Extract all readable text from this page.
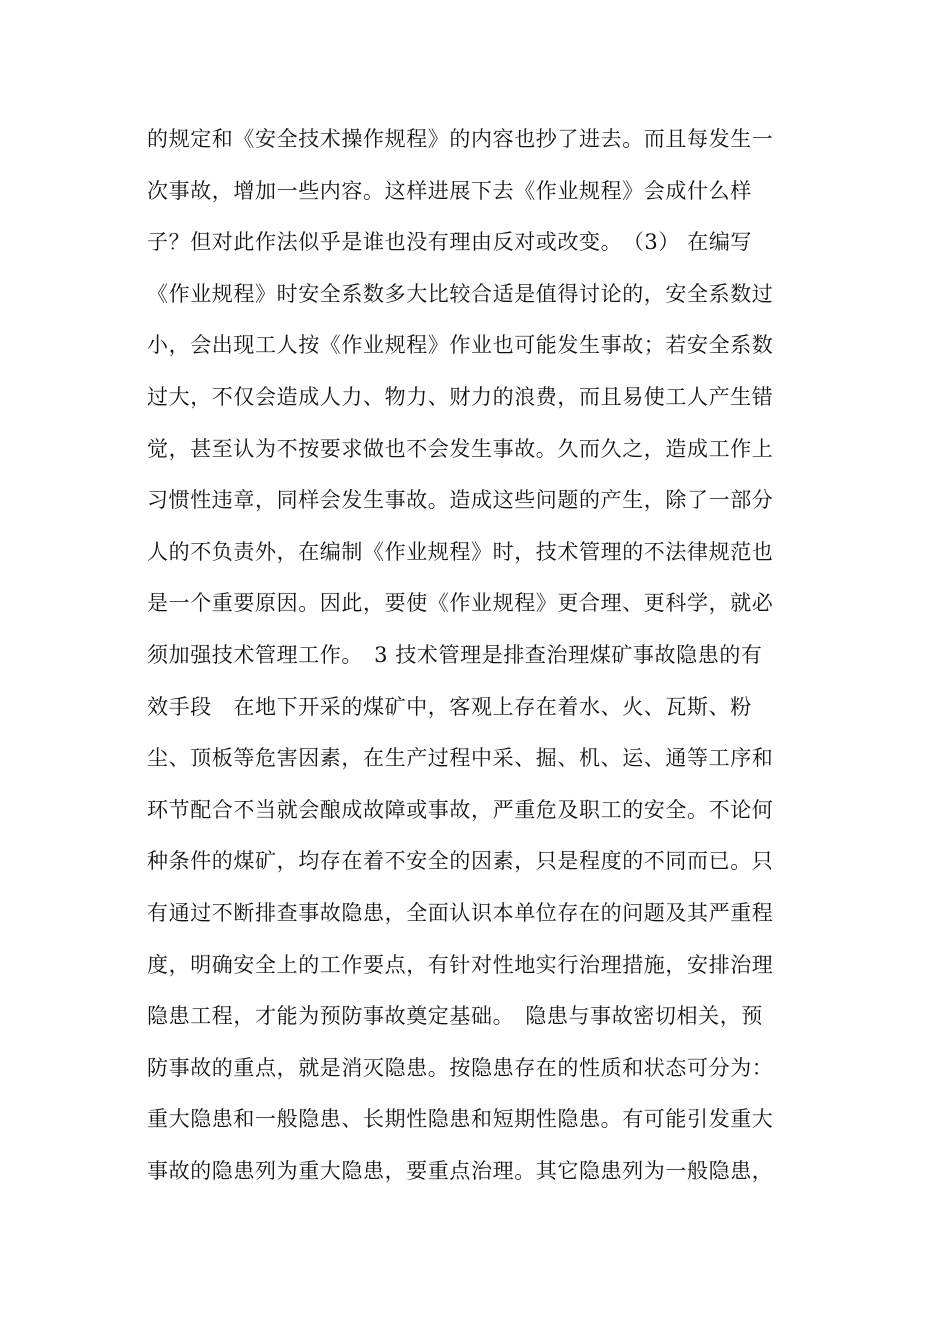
的规定和《安全技术操作规程》的内容也抄了进去。而且每发生一
次事故，增加一些内容。这样进展下去《作业规程》会成什么样
子？但对此作法似乎是谁也没有理由反对或改变。　（3） 在编写
《作业规程》时安全系数多大比较合适是值得讨论的，安全系数过
小，会出现工人按《作业规程》作业也可能发生事故；若安全系数
过大，不仅会造成人力、物力、财力的浪费，而且易使工人产生错
觉，甚至认为不按要求做也不会发生事故。久而久之，造成工作上
习惯性违章，同样会发生事故。造成这些问题的产生，除了一部分
人的不负责外，在编制《作业规程》时，技术管理的不法律规范也
是一个重要原因。因此，要使《作业规程》更合理、更科学，就必
须加强技术管理工作。　3 技术管理是排查治理煤矿事故隐患的有
效手段　在地下开采的煤矿中，客观上存在着水、火、瓦斯、粉
尘、顶板等危害因素，在生产过程中采、掘、机、运、通等工序和
环节配合不当就会酿成故障或事故，严重危及职工的安全。不论何
种条件的煤矿，均存在着不安全的因素，只是程度的不同而已。只
有通过不断排查事故隐患，全面认识本单位存在的问题及其严重程
度，明确安全上的工作要点，有针对性地实行治理措施，安排治理
隐患工程，才能为预防事故奠定基础。　隐患与事故密切相关，预
防事故的重点，就是消灭隐患。按隐患存在的性质和状态可分为：
重大隐患和一般隐患、长期性隐患和短期性隐患。有可能引发重大
事故的隐患列为重大隐患，要重点治理。其它隐患列为一般隐患，
